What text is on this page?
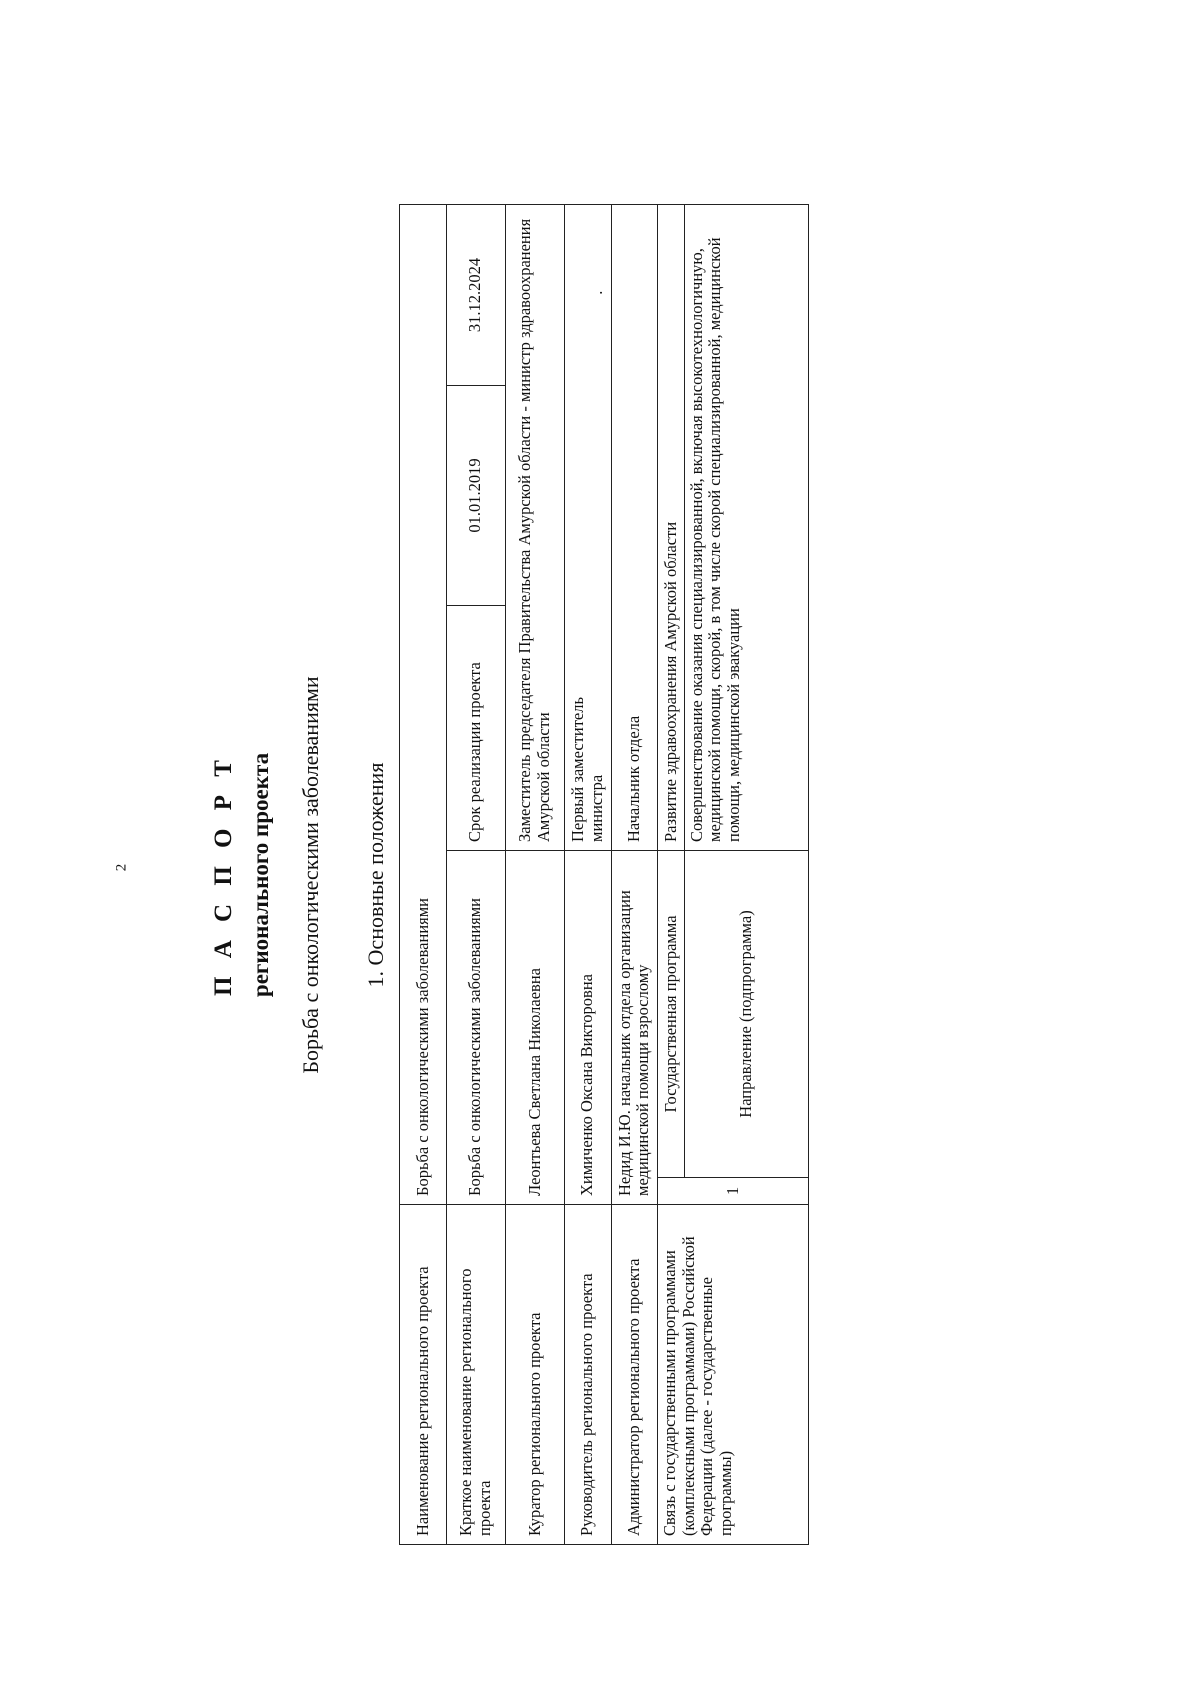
2	П А С П О Р Т регионального проекта Борьба с онкологическими заболеваниями 1. Основные положения
Наименование регионального проекта	Борьба с онкологическими заболеваниями				
Краткое наименование регионального проекта	Борьба с онкологическими заболеваниями		Срок реализации проекта	01.01.2019	31.12.2024
Куратор регионального проекта	Леонтьева Светлана Николаевна		Заместитель председателя Правительства Амурской области - министр здравоохранения Амурской области		
Руководитель регионального проекта	Химиченко Оксана Викторовна		Первый заместитель министра.		
Администратор регионального проекта	Недид И.Ю. начальник отдела организации медицинской помощи взрослому		Начальник отдела		
Связь с государственными программами (комплексными программами) Российской Федерации (далее - государственные программы)	1	Государственная программа	Развитие здравоохранения Амурской области		
		Направление (подпрограмма)	Совершенствование оказания специализированной, включая высокотехнологичную, медицинской помощи, скорой, в том числе скорой специализированной, медицинской помощи, медицинской эвакуации		
